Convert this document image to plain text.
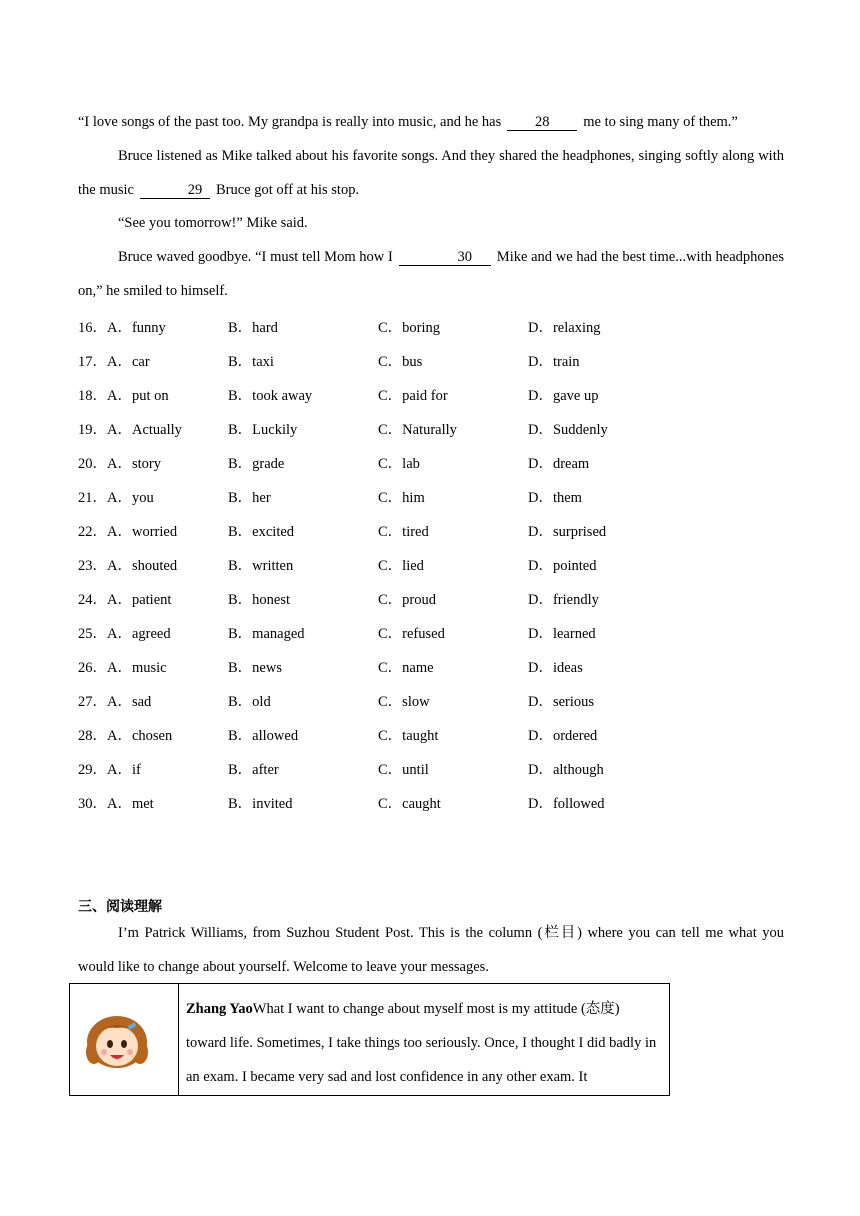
“I love songs of the past too. My grandpa is really into music, and he has 28 me to sing many of them.”

Bruce listened as Mike talked about his favorite songs. And they shared the headphones, singing softly along with the music	29 Bruce got off at his stop.

“See you tomorrow!” Mike said.

Bruce waved goodbye. “I must tell Mom how I	30 Mike and we had the best time...with headphones on,” he smiled to himself.

16．A．funny	B．hard	C．boring	D．relaxing
17．A．car	B．taxi	C．bus	D．train
18．A．put on	B．took away	C．paid for	D．gave up
19．A．Actually	B．Luckily	C．Naturally	D．Suddenly
20．A．story	B．grade	C．lab	D．dream
21．A．you	B．her	C．him	D．them
22．A．worried	B．excited	C．tired	D．surprised
23．A．shouted	B．written	C．lied	D．pointed
24．A．patient	B．honest	C．proud	D．friendly
25．A．agreed	B．managed	C．refused	D．learned
26．A．music	B．news	C．name	D．ideas
27．A．sad	B．old	C．slow	D．serious
28．A．chosen	B．allowed	C．taught	D．ordered
29．A．if	B．after	C．until	D．although
30．A．met	B．invited	C．caught	D．followed
三、阅读理解

I’m Patrick Williams, from Suzhou Student Post. This is the column (栏目) where you can tell me what you would like to change about yourself. Welcome to leave your messages.

Zhang YaoWhat I want to change about myself most is my attitude (态度) toward life. Sometimes, I take things too seriously. Once, I thought I did badly in an exam. I became very sad and lost confidence in any other exam. It
